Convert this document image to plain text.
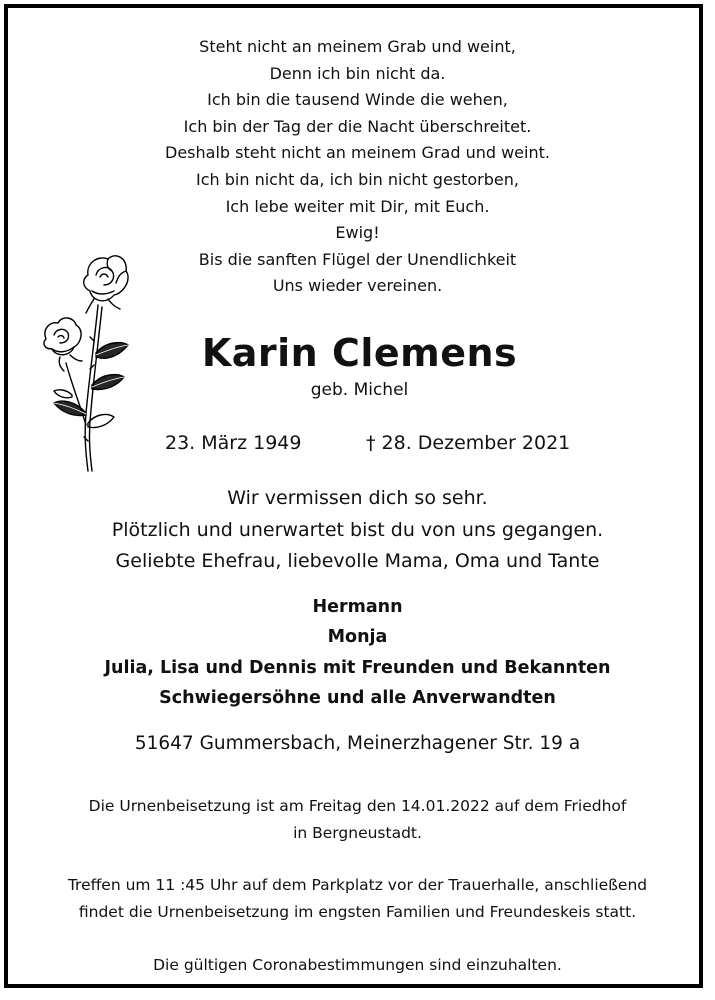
Steht nicht an meinem Grab und weint,
Denn ich bin nicht da.
Ich bin die tausend Winde die wehen,
Ich bin der Tag der die Nacht überschreitet.
Deshalb steht nicht an meinem Grad und weint.
Ich bin nicht da, ich bin nicht gestorben,
Ich lebe weiter mit Dir, mit Euch.
Ewig!
Bis die sanften Flügel der Unendlichkeit
Uns wieder vereinen.
Karin Clemens
geb. Michel
23. März 1949	† 28. Dezember 2021
Wir vermissen dich so sehr.
Plötzlich und unerwartet bist du von uns gegangen.
Geliebte Ehefrau, liebevolle Mama, Oma und Tante
Hermann
Monja
Julia, Lisa und Dennis mit Freunden und Bekannten
Schwiegersöhne und alle Anverwandten
51647 Gummersbach, Meinerzhagener Str. 19 a
Die Urnenbeisetzung ist am Freitag den 14.01.2022 auf dem Friedhof
in Bergneustadt.
Treffen um 11 :45 Uhr auf dem Parkplatz vor der Trauerhalle, anschließend
findet die Urnenbeisetzung im engsten Familien und Freundeskeis statt.
Die gültigen Coronabestimmungen sind einzuhalten.
